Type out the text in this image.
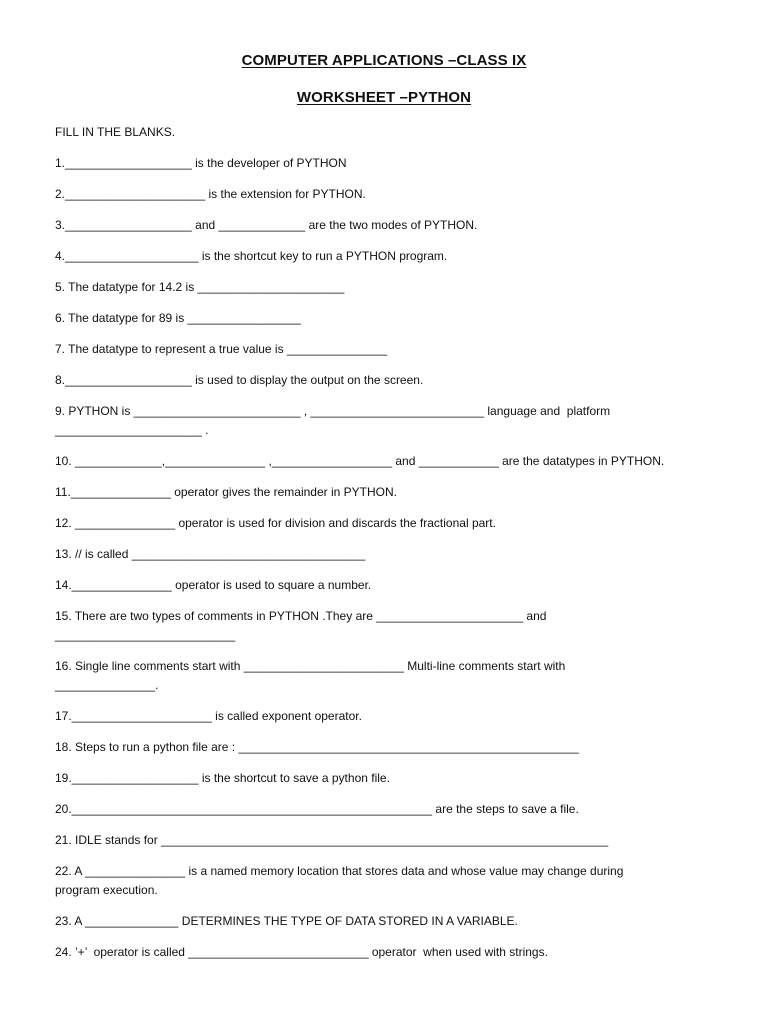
COMPUTER APPLICATIONS –CLASS IX
WORKSHEET –PYTHON
FILL IN THE BLANKS.
1.___________________ is the developer of PYTHON
2._____________________ is the extension for PYTHON.
3.___________________ and _____________ are the two modes of PYTHON.
4.____________________ is the shortcut key to run a PYTHON program.
5. The datatype for 14.2 is ______________________
6. The datatype for 89 is _________________
7. The datatype to represent a true value is _______________
8.___________________ is used to display the output on the screen.
9. PYTHON is _________________________ , __________________________ language and  platform
______________________ .
10. _____________,_______________ ,__________________ and ____________ are the datatypes in PYTHON.
11._______________ operator gives the remainder in PYTHON.
12. _______________ operator is used for division and discards the fractional part.
13. // is called ___________________________________
14._______________ operator is used to square a number.
15. There are two types of comments in PYTHON .They are ______________________ and
___________________________
16. Single line comments start with ________________________ Multi-line comments start with
_______________.
17._____________________ is called exponent operator.
18. Steps to run a python file are : ___________________________________________________
19.___________________ is the shortcut to save a python file.
20.______________________________________________________ are the steps to save a file.
21. IDLE stands for ___________________________________________________________________
22. A _______________ is a named memory location that stores data and whose value may change during
program execution.
23. A ______________ DETERMINES THE TYPE OF DATA STORED IN A VARIABLE.
24. ’+’  operator is called ___________________________ operator  when used with strings.
